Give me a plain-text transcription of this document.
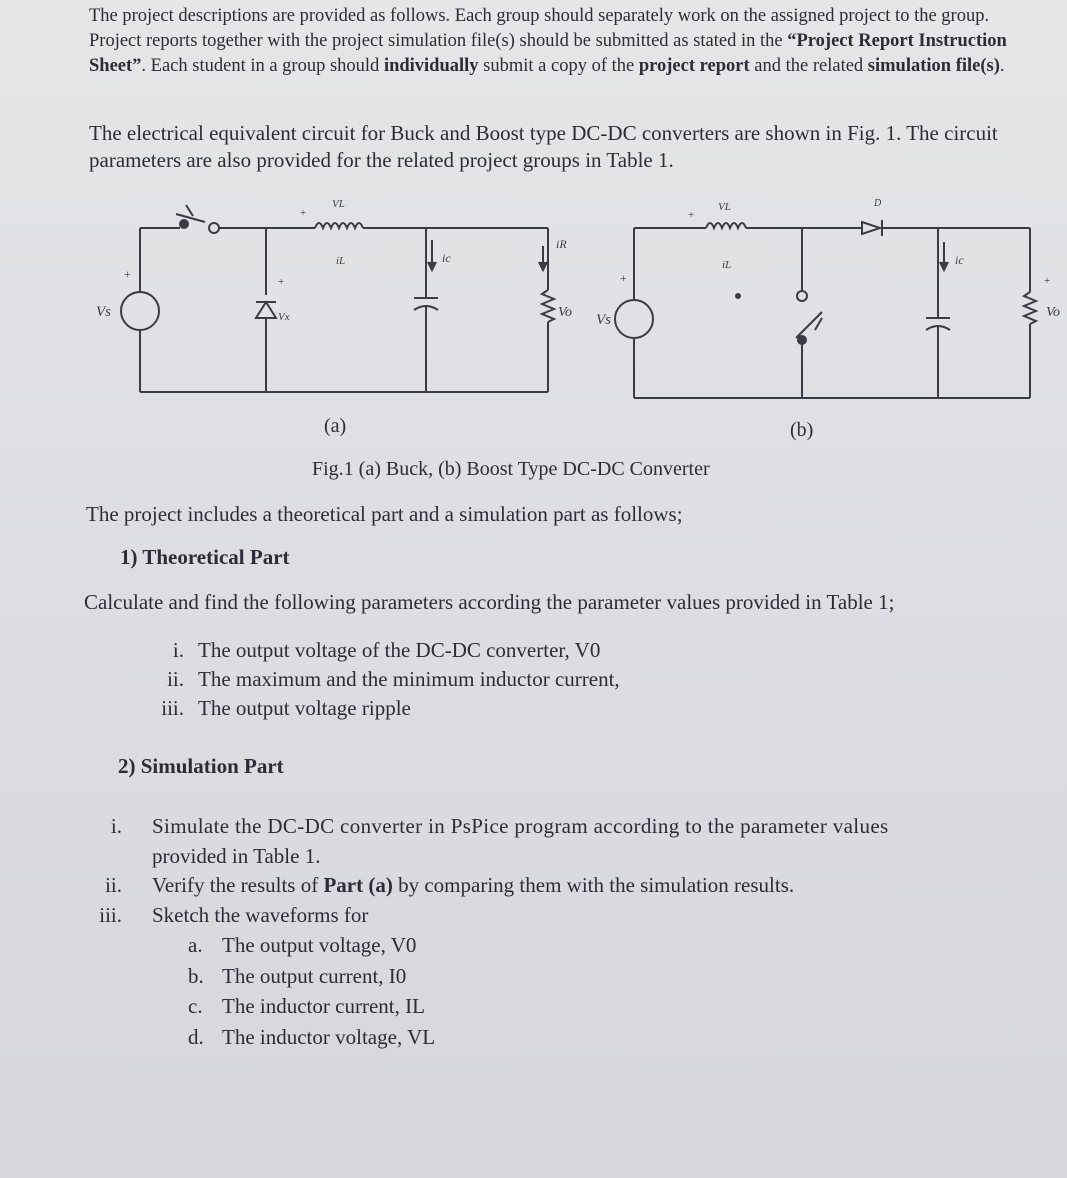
The project descriptions are provided as follows. Each group should separately work on the assigned project to the group. Project reports together with the project simulation file(s) should be submitted as stated in the “Project Report Instruction Sheet”. Each student in a group should individually submit a copy of the project report and the related simulation file(s).

The electrical equivalent circuit for Buck and Boost type DC-DC converters are shown in Fig. 1. The circuit parameters are also provided for the related project groups in Table 1.

+
Vs
VL
+
iL
Vx
+
ic
iR
Vo
+
Vs
VL
+
iL
D
ic
Vo
+
(a)	(b)

Fig.1 (a) Buck, (b) Boost Type DC-DC Converter

The project includes a theoretical part and a simulation part as follows;

1) Theoretical Part

Calculate and find the following parameters according the parameter values provided in Table 1;

i. The output voltage of the DC-DC converter, V0
ii. The maximum and the minimum inductor current,
iii. The output voltage ripple

2) Simulation Part

i. Simulate the DC-DC converter in PsPice program according to the parameter values
provided in Table 1.
ii. Verify the results of Part (a) by comparing them with the simulation results.
iii. Sketch the waveforms for
a. The output voltage, V0
b. The output current, I0
c. The inductor current, IL
d. The inductor voltage, VL
